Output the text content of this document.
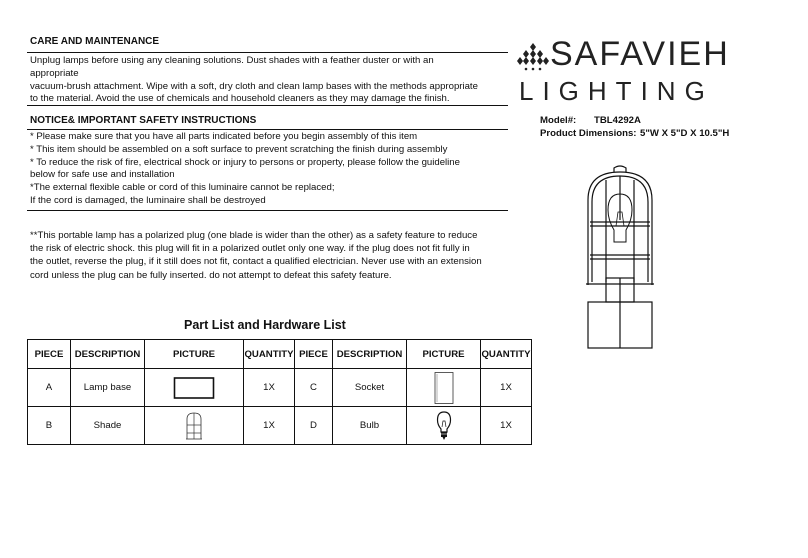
CARE AND MAINTENANCE
Unplug lamps before using any cleaning solutions. Dust shades with a feather duster or with an
appropriate
vacuum-brush attachment. Wipe with a soft, dry cloth and clean lamp bases with the methods appropriate
to the material. Avoid the use of chemicals and household cleaners as they may damage the finish.
NOTICE& IMPORTANT SAFETY INSTRUCTIONS
* Please make sure that you have all parts indicated before you begin assembly of this item
* This item should be assembled on a soft surface to prevent scratching the finish during assembly
* To reduce the risk of fire, electrical shock or injury to persons or property, please follow the guideline
below for safe use and installation
*The external flexible cable or cord of this luminaire cannot be replaced;
If the cord is damaged, the luminaire shall be destroyed
**This portable lamp has a polarized plug (one blade is wider than the other) as a safety feature to reduce
the risk of electric shock. this plug will fit in a polarized outlet only one way. if the plug does not fit fully in
the outlet, reverse the plug, if it still does not fit, contact a qualified electrician. Never use with an extension
cord unless the plug can be fully inserted. do not attempt to defeat this safety feature.
Part List and Hardware List
PIECE	DESCRIPTION	PICTURE	QUANTITY	PIECE	DESCRIPTION	PICTURE	QUANTITY
A	Lamp base		1X	C	Socket		1X
B	Shade		1X	D	Bulb		1X
SAFAVIEH
LIGHTING
Model#: TBL4292A
Product Dimensions: 5"W X 5"D X 10.5"H
